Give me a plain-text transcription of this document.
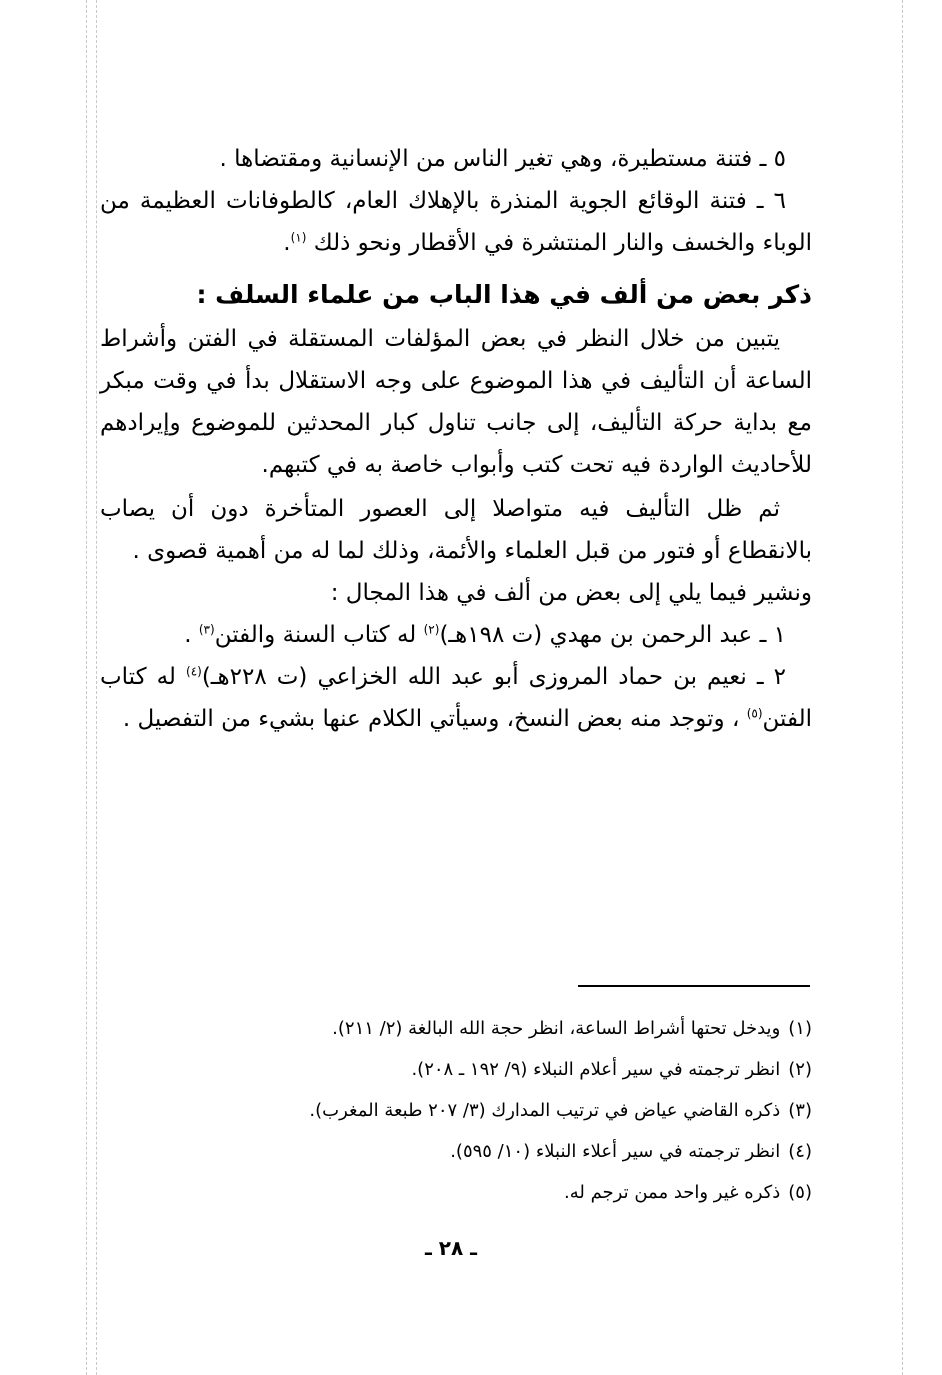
٥ ـ فتنة مستطيرة، وهي تغير الناس من الإنسانية ومقتضاها .

٦ ـ فتنة الوقائع الجوية المنذرة بالإهلاك العام، كالطوفانات العظيمة من الوباء والخسف والنار المنتشرة في الأقطار ونحو ذلك $^{(١)}$.

ذكر بعض من ألف في هذا الباب من علماء السلف :

يتبين من خلال النظر في بعض المؤلفات المستقلة في الفتن وأشراط الساعة أن التأليف في هذا الموضوع على وجه الاستقلال بدأ في وقت مبكر مع بداية حركة التأليف، إلى جانب تناول كبار المحدثين للموضوع وإيرادهم للأحاديث الواردة فيه تحت كتب وأبواب خاصة به في كتبهم.

ثم ظل التأليف فيه متواصلا إلى العصور المتأخرة دون أن يصاب بالانقطاع أو فتور من قبل العلماء والأئمة، وذلك لما له من أهمية قصوى .

ونشير فيما يلي إلى بعض من ألف في هذا المجال :

١ ـ عبد الرحمن بن مهدي (ت ١٩٨هـ)$^{(٢)}$ له كتاب السنة والفتن$^{(٣)}$ .

٢ ـ نعيم بن حماد المروزى أبو عبد الله الخزاعي (ت ٢٢٨هـ)$^{(٤)}$ له كتاب الفتن$^{(٥)}$ ، وتوجد منه بعض النسخ، وسيأتي الكلام عنها بشيء من التفصيل .

(١)ويدخل تحتها أشراط الساعة، انظر حجة الله البالغة (٢/ ٢١١).

(٢)انظر ترجمته في سير أعلام النبلاء (٩/ ١٩٢ ـ ٢٠٨).

(٣)ذكره القاضي عياض في ترتيب المدارك (٣/ ٢٠٧ طبعة المغرب).

(٤)انظر ترجمته في سير أعلاء النبلاء (١٠/ ٥٩٥).

(٥)ذكره غير واحد ممن ترجم له.

ـ ٢٨ ـ
